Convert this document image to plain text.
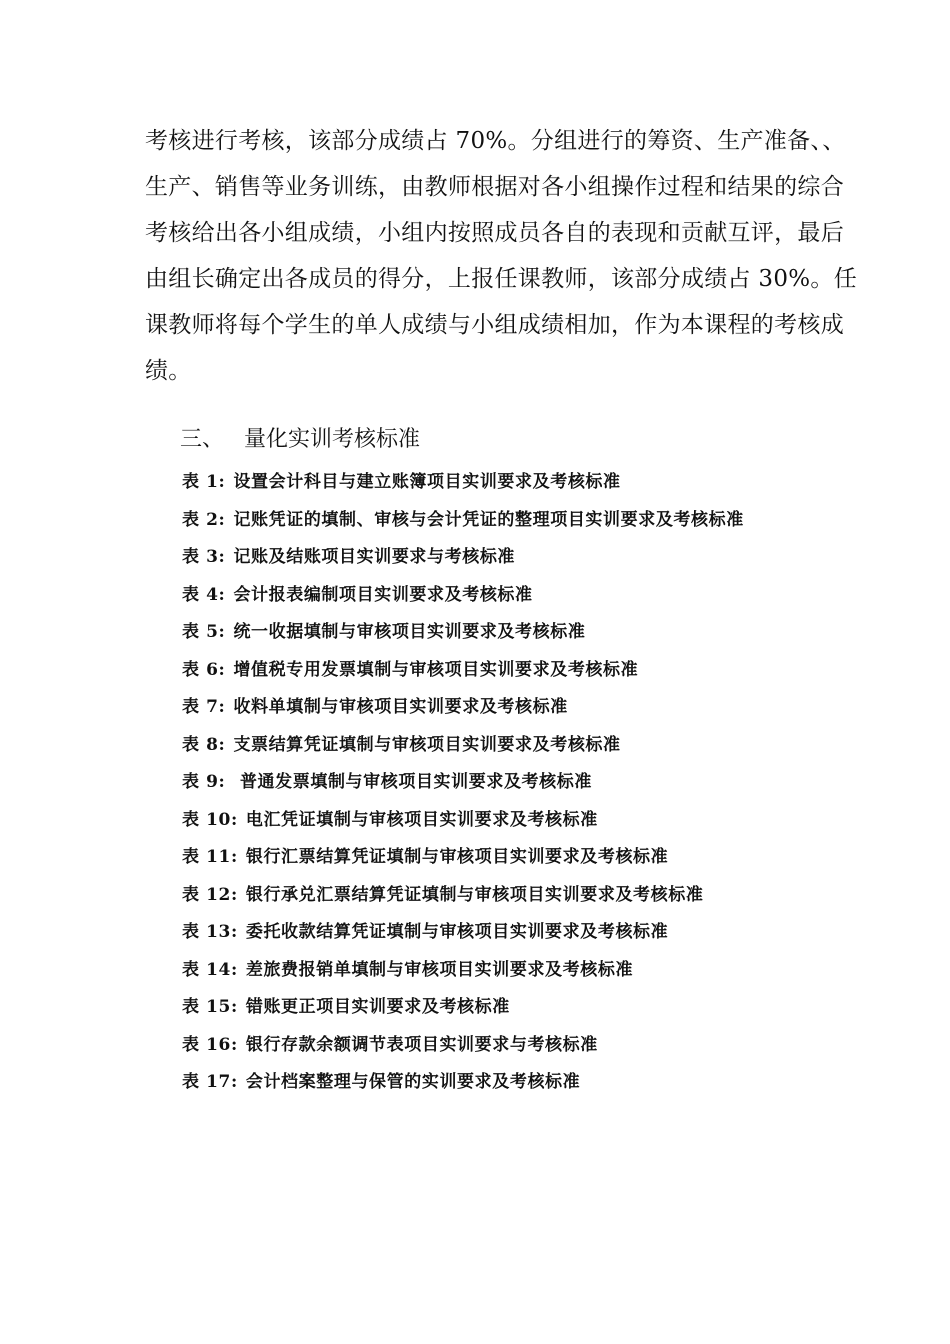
考核进行考核，该部分成绩占 70%。分组进行的筹资、生产准备、、
生产、销售等业务训练，由教师根据对各小组操作过程和结果的综合
考核给出各小组成绩，小组内按照成员各自的表现和贡献互评，最后
由组长确定出各成员的得分，上报任课教师，该部分成绩占 30%。任
课教师将每个学生的单人成绩与小组成绩相加，作为本课程的考核成
绩。
三、 量化实训考核标准
表 1: 设置会计科目与建立账簿项目实训要求及考核标准
表 2: 记账凭证的填制、审核与会计凭证的整理项目实训要求及考核标准
表 3: 记账及结账项目实训要求与考核标准
表 4: 会计报表编制项目实训要求及考核标准
表 5: 统一收据填制与审核项目实训要求及考核标准
表 6: 增值税专用发票填制与审核项目实训要求及考核标准
表 7: 收料单填制与审核项目实训要求及考核标准
表 8: 支票结算凭证填制与审核项目实训要求及考核标准
表 9: 普通发票填制与审核项目实训要求及考核标准
表 10: 电汇凭证填制与审核项目实训要求及考核标准
表 11: 银行汇票结算凭证填制与审核项目实训要求及考核标准
表 12: 银行承兑汇票结算凭证填制与审核项目实训要求及考核标准
表 13: 委托收款结算凭证填制与审核项目实训要求及考核标准
表 14: 差旅费报销单填制与审核项目实训要求及考核标准
表 15: 错账更正项目实训要求及考核标准
表 16: 银行存款余额调节表项目实训要求与考核标准
表 17: 会计档案整理与保管的实训要求及考核标准
